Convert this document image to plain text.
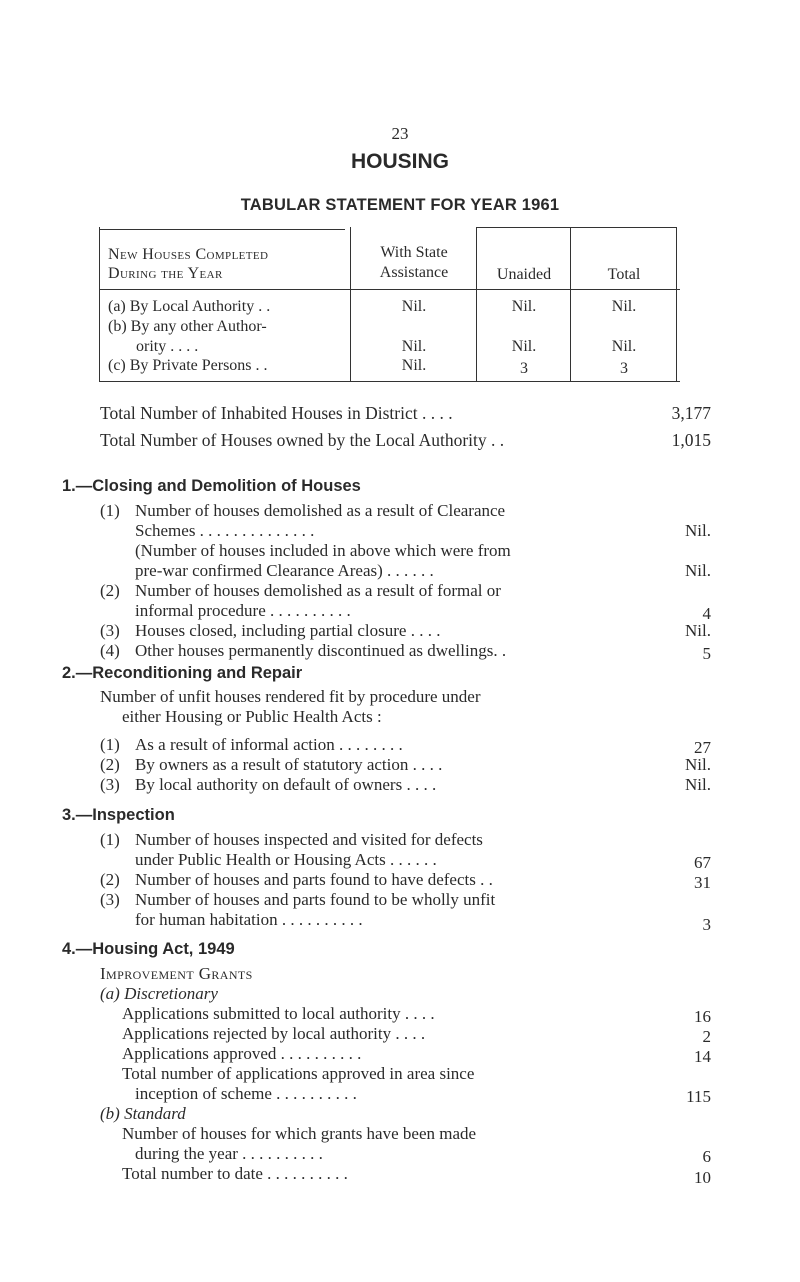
23
HOUSING
TABULAR STATEMENT FOR YEAR 1961
New Houses Completed
During the Year
With State
Assistance	Unaided	Total
(a) By Local Authority . .	Nil.	Nil.	Nil.
(b) By any other Author-
ority . . . .	Nil.	Nil.	Nil.
(c) By Private Persons . .	Nil.	3	3
Total Number of Inhabited Houses in District . . . .	3,177
Total Number of Houses owned by the Local Authority . .	1,015
1.—Closing and Demolition of Houses
(1) Number of houses demolished as a result of Clearance
Schemes . . . . . . . . . . . . . .	Nil.
(Number of houses included in above which were from
pre-war confirmed Clearance Areas) . . . . . .	Nil.
(2) Number of houses demolished as a result of formal or
informal procedure . . . . . . . . . .	4
(3) Houses closed, including partial closure . . . .	Nil.
(4) Other houses permanently discontinued as dwellings. .	5
2.—Reconditioning and Repair
Number of unfit houses rendered fit by procedure under
either Housing or Public Health Acts :
(1) As a result of informal action . . . . . . . .	27
(2) By owners as a result of statutory action . . . .	Nil.
(3) By local authority on default of owners . . . .	Nil.
3.—Inspection
(1) Number of houses inspected and visited for defects
under Public Health or Housing Acts . . . . . .	67
(2) Number of houses and parts found to have defects . .	31
(3) Number of houses and parts found to be wholly unfit
for human habitation . . . . . . . . . .	3
4.—Housing Act, 1949
Improvement Grants
(a) Discretionary
Applications submitted to local authority . . . .	16
Applications rejected by local authority . . . .	2
Applications approved . . . . . . . . . .	14
Total number of applications approved in area since
inception of scheme . . . . . . . . . .	115
(b) Standard
Number of houses for which grants have been made
during the year . . . . . . . . . .	6
Total number to date . . . . . . . . . .	10
